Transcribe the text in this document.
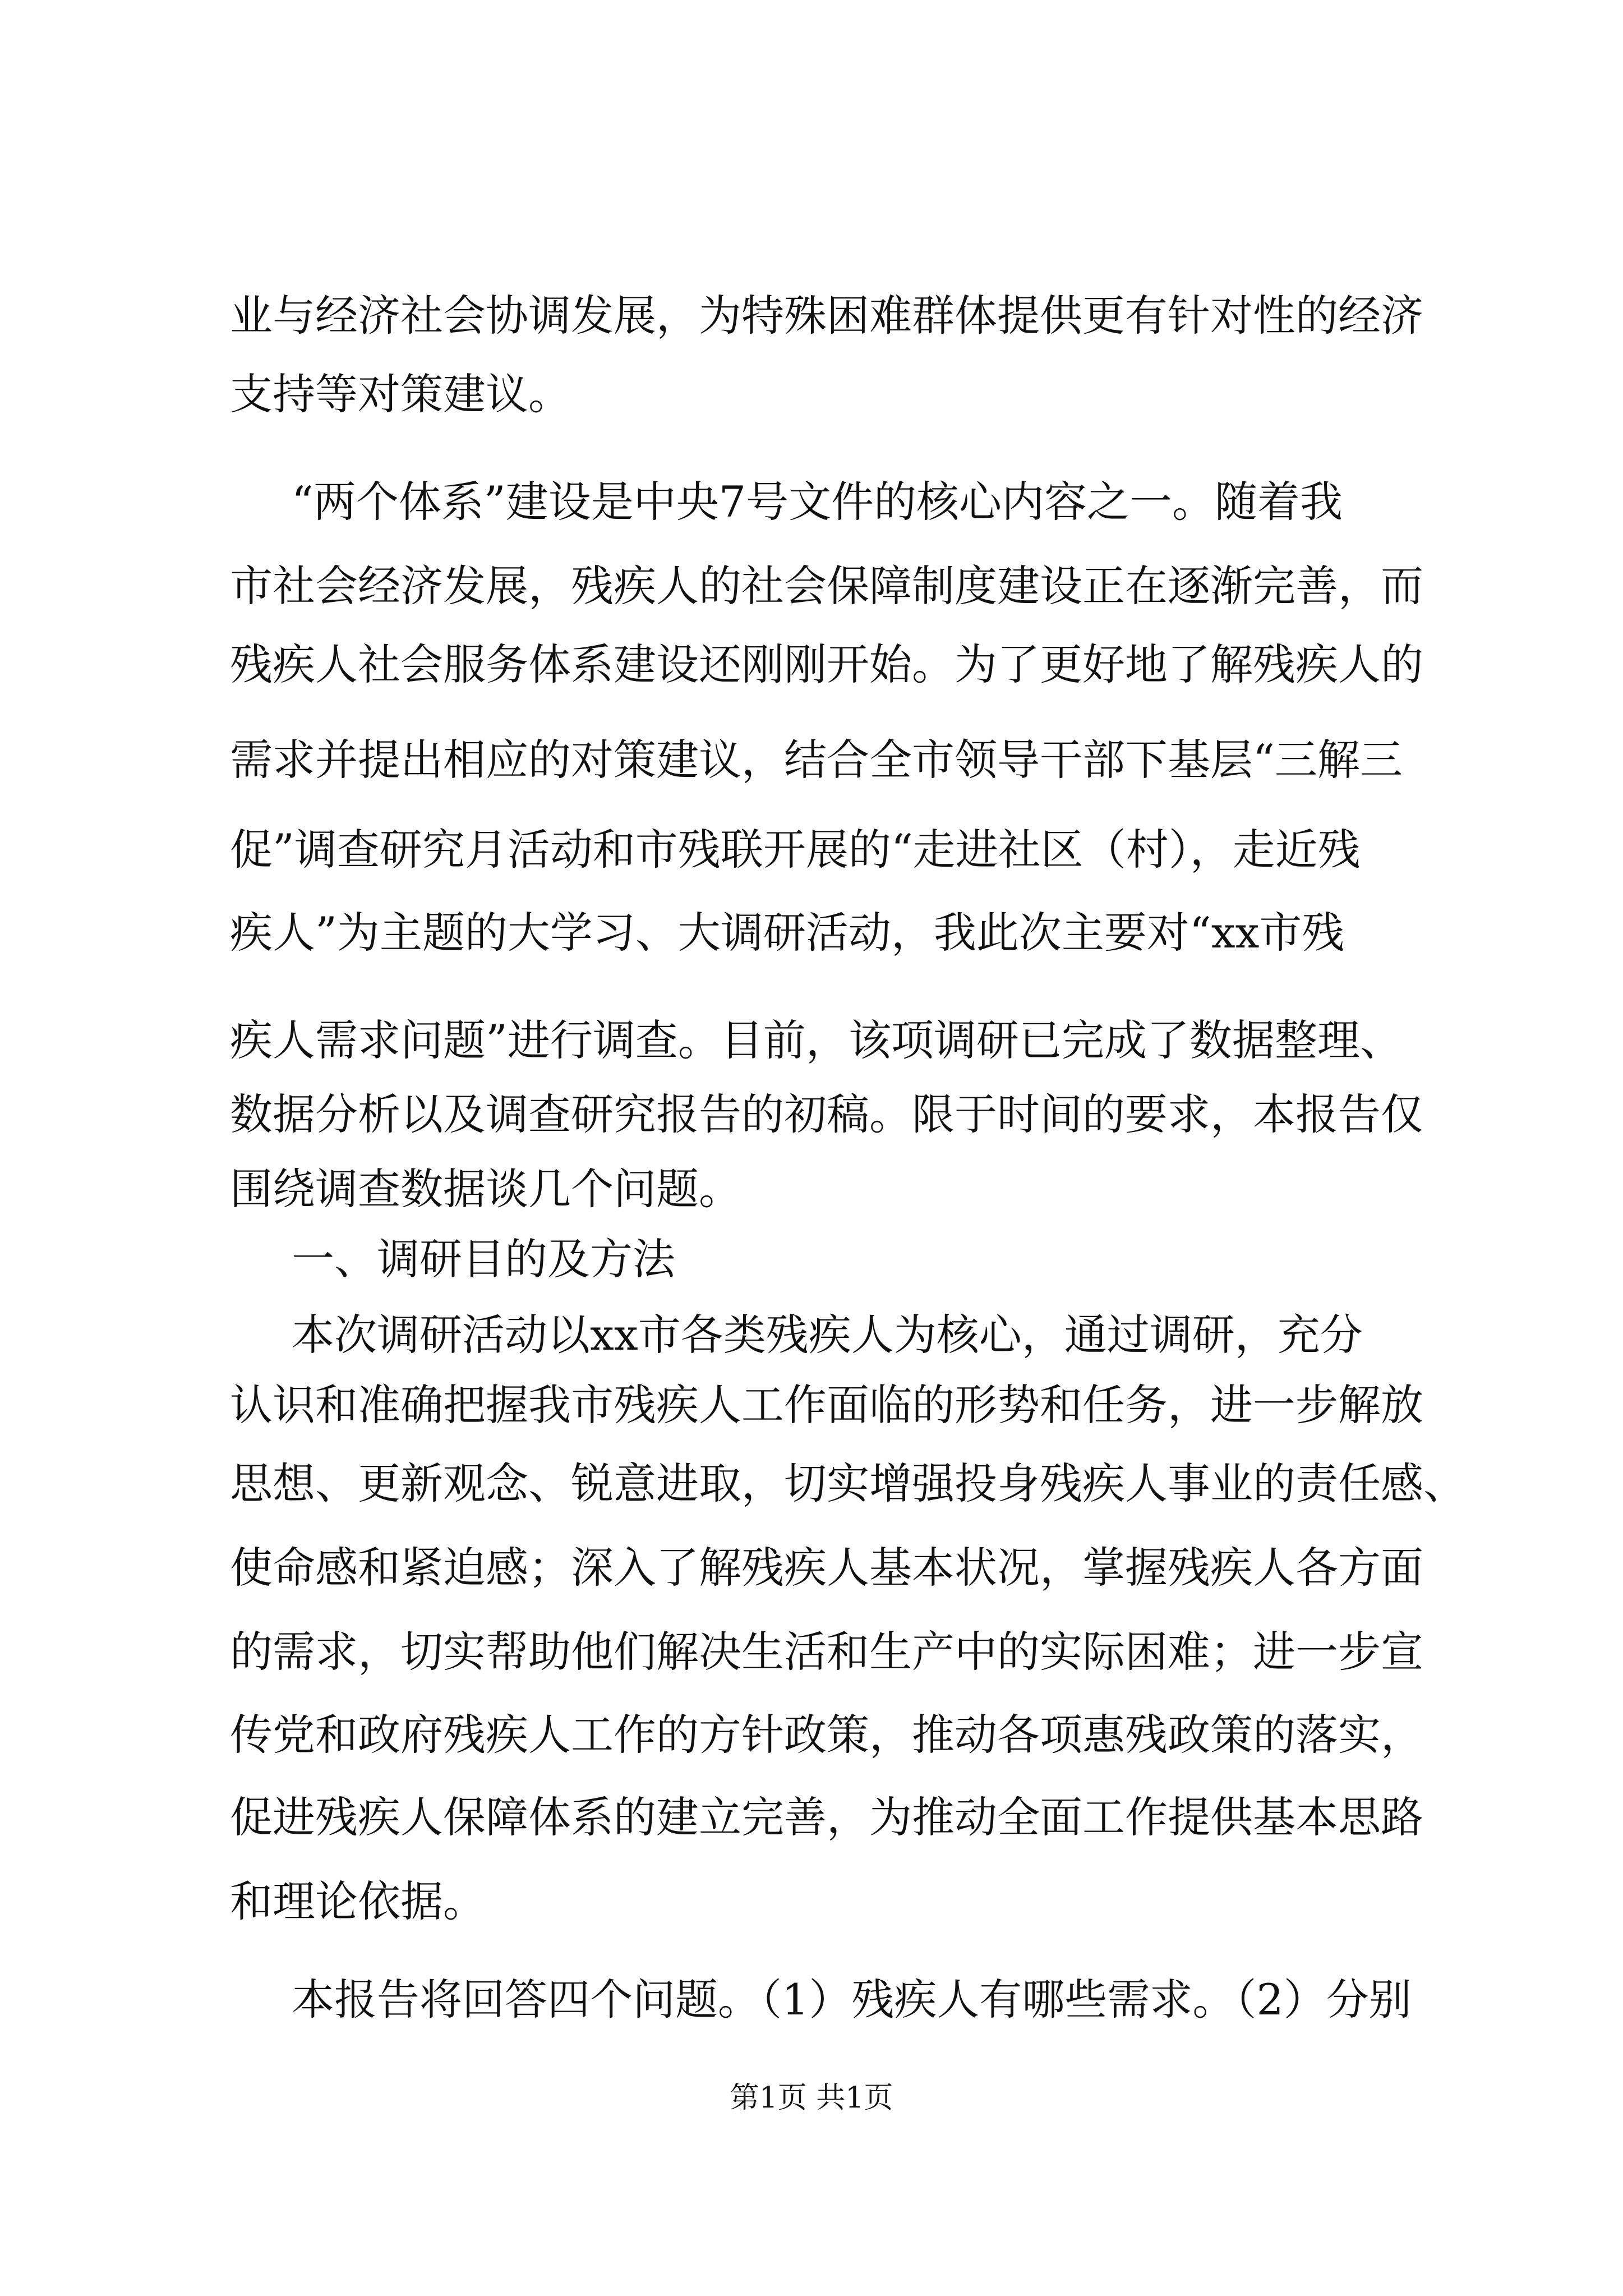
业与经济社会协调发展，为特殊困难群体提供更有针对性的经济
支持等对策建议。
“两个体系”建设是中央7号文件的核心内容之一。随着我
市社会经济发展，残疾人的社会保障制度建设正在逐渐完善，而
残疾人社会服务体系建设还刚刚开始。为了更好地了解残疾人的
需求并提出相应的对策建议，结合全市领导干部下基层“三解三
促”调查研究月活动和市残联开展的“走进社区（村），走近残
疾人”为主题的大学习、大调研活动，我此次主要对“xx市残
疾人需求问题”进行调查。目前，该项调研已完成了数据整理、
数据分析以及调查研究报告的初稿。限于时间的要求，本报告仅
围绕调查数据谈几个问题。
一、调研目的及方法
本次调研活动以xx市各类残疾人为核心，通过调研，充分
认识和准确把握我市残疾人工作面临的形势和任务，进一步解放
思想、更新观念、锐意进取，切实增强投身残疾人事业的责任感、
使命感和紧迫感；深入了解残疾人基本状况，掌握残疾人各方面
的需求，切实帮助他们解决生活和生产中的实际困难；进一步宣
传党和政府残疾人工作的方针政策，推动各项惠残政策的落实，
促进残疾人保障体系的建立完善，为推动全面工作提供基本思路
和理论依据。
本报告将回答四个问题。（1）残疾人有哪些需求。（2）分别
第1页 共1页
